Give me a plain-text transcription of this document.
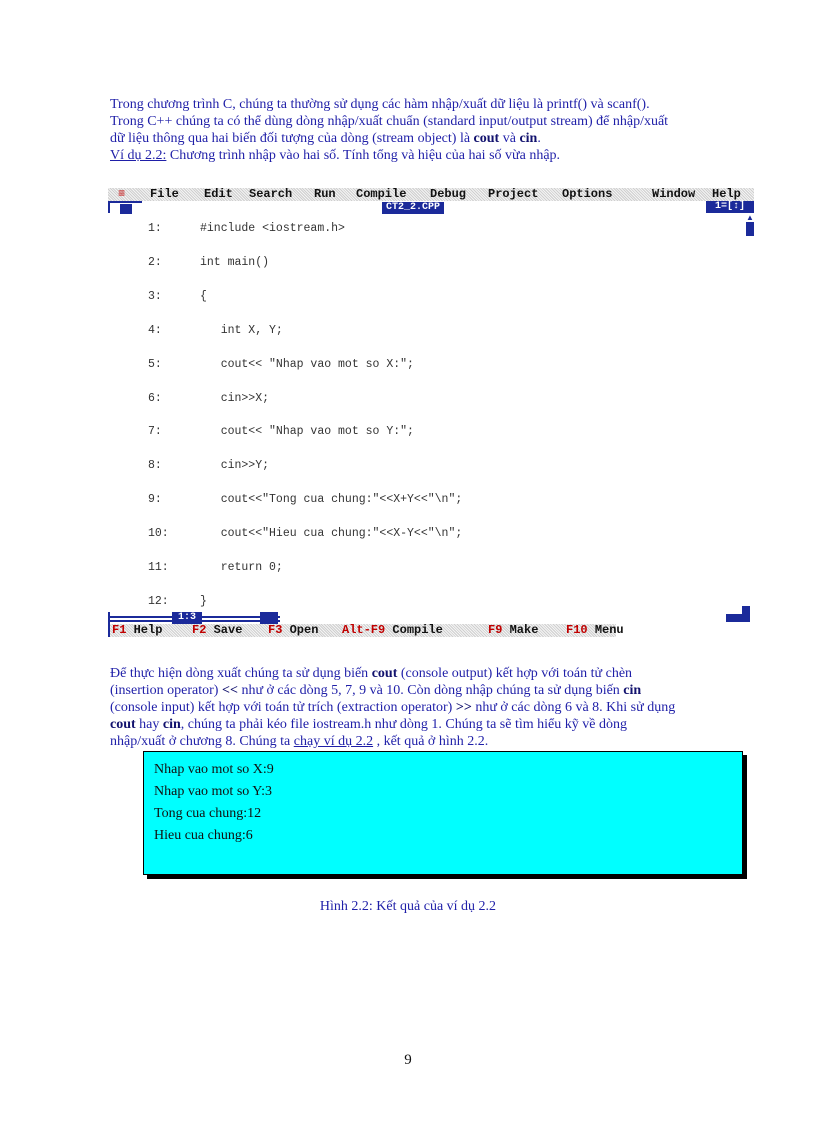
Trong chương trình C, chúng ta thường sử dụng các hàm nhập/xuất dữ liệu là printf() và scanf().
Trong C++ chúng ta có thể dùng dòng nhập/xuất chuẩn (standard input/output stream) để nhập/xuất
dữ liệu thông qua hai biến đối tượng của dòng (stream object) là cout và cin.
Ví dụ 2.2: Chương trình nhập vào hai số. Tính tổng và hiệu của hai số vừa nhập.
≡ File Edit Search Run Compile Debug Project Options	Window Help
CT2_2.CPP	1=[↕]
▲
1:	#include <iostream.h>
2:	int main()
3:	{
4:	int X, Y;
5:	cout<< "Nhap vao mot so X:";
6:	cin>>X;
7:	cout<< "Nhap vao mot so Y:";
8:	cin>>Y;
9:	cout<<"Tong cua chung:"<<X+Y<<"\n";
10:	cout<<"Hieu cua chung:"<<X-Y<<"\n";
11:	return 0;
12:	}
1:3
F1 Help F2 Save F3 Open Alt-F9 Compile	F9 Make F10 Menu
Để thực hiện dòng xuất chúng ta sử dụng biến cout (console output) kết hợp với toán tử chèn
(insertion operator) << như ở các dòng 5, 7, 9 và 10. Còn dòng nhập chúng ta sử dụng biến cin
(console input) kết hợp với toán tử trích (extraction operator) >> như ở các dòng 6 và 8. Khi sử dụng
cout hay cin, chúng ta phải kéo file iostream.h như dòng 1. Chúng ta sẽ tìm hiểu kỹ về dòng
nhập/xuất ở chương 8. Chúng ta chạy ví dụ 2.2 , kết quả ở hình 2.2.
Nhap vao mot so X:9
Nhap vao mot so Y:3
Tong cua chung:12
Hieu cua chung:6
Hình 2.2: Kết quả của ví dụ 2.2
9
